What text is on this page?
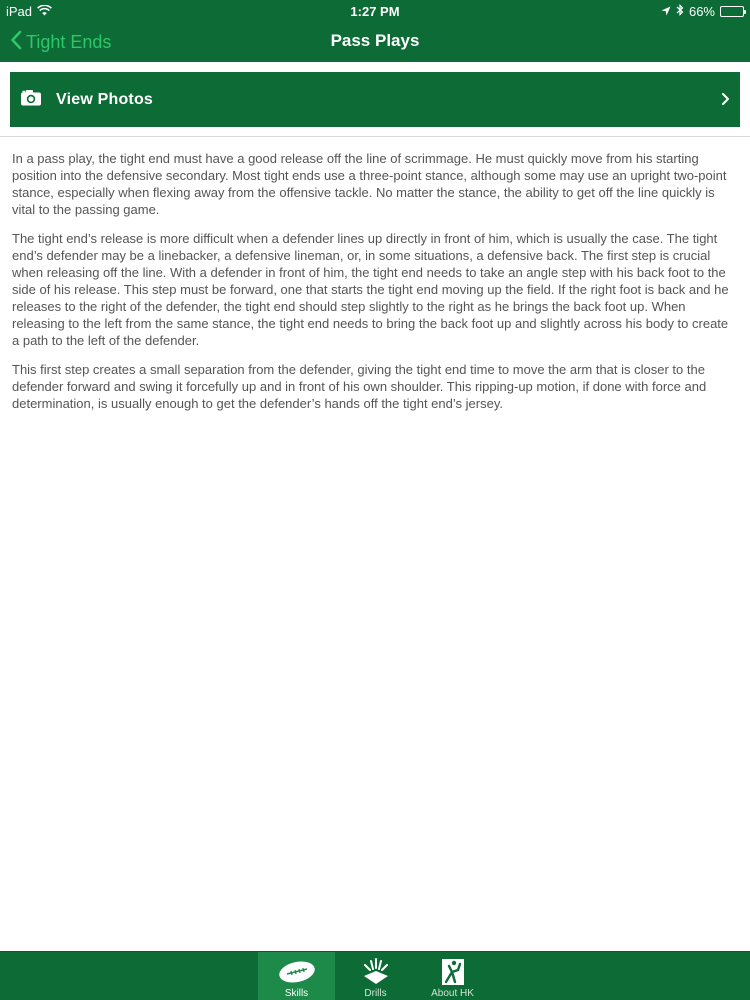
iPad	1:27 PM	66%
Tight Ends	Pass Plays
View Photos

In a pass play, the tight end must have a good release off the line of scrimmage. He must quickly move from his starting position into the defensive secondary. Most tight ends use a three-point stance, although some may use an upright two-point stance, especially when flexing away from the offensive tackle. No matter the stance, the ability to get off the line quickly is vital to the passing game.

The tight end’s release is more difficult when a defender lines up directly in front of him, which is usually the case. The tight end’s defender may be a linebacker, a defensive lineman, or, in some situations, a defensive back. The first step is crucial when releasing off the line. With a defender in front of him, the tight end needs to take an angle step with his back foot to the side of his release. This step must be forward, one that starts the tight end moving up the field. If the right foot is back and he releases to the right of the defender, the tight end should step slightly to the right as he brings the back foot up. When releasing to the left from the same stance, the tight end needs to bring the back foot up and slightly across his body to create a path to the left of the defender.

This first step creates a small separation from the defender, giving the tight end time to move the arm that is closer to the defender forward and swing it forcefully up and in front of his own shoulder. This ripping-up motion, if done with force and determination, is usually enough to get the defender’s hands off the tight end’s jersey.

Skills	Drills	About HK
